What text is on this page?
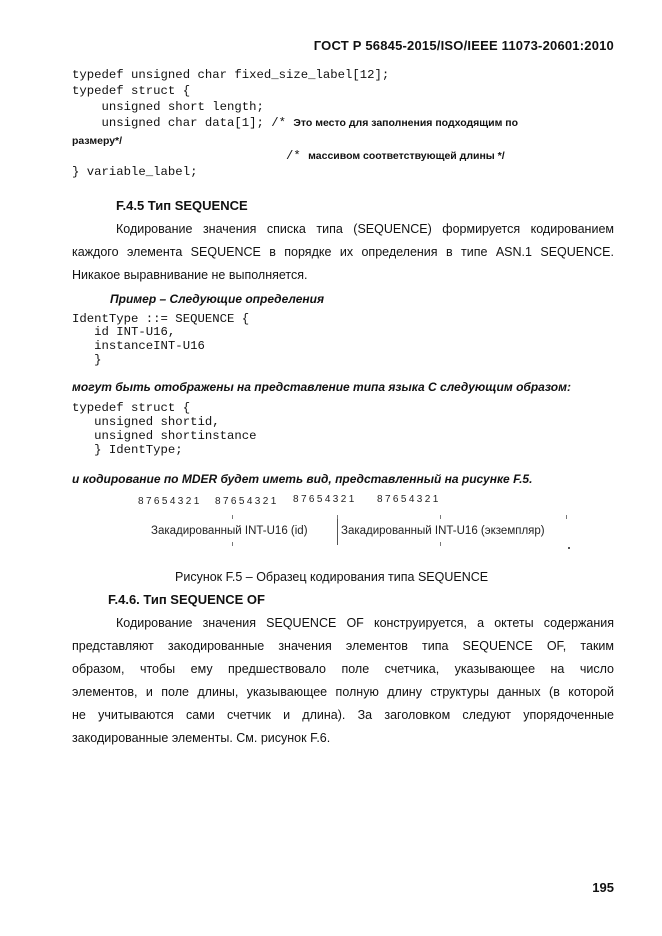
ГОСТ Р 56845-2015/ISO/IEEE 11073-20601:2010
typedef unsigned char fixed_size_label[12];
typedef struct {
unsigned short length;
unsigned char data[1]; /* Это место для заполнения подходящим по
размеру*/
/* массивом соответствующей длины */
} variable_label;
F.4.5 Тип SEQUENCE
Кодирование значения списка типа (SEQUENCE) формируется кодированием
каждого элемента SEQUENCE в порядке их определения в типе ASN.1 SEQUENCE.
Никакое выравнивание не выполняется.
Пример – Следующие определения
IdentType ::= SEQUENCE {
id INT-U16,
instanceINT-U16
}
могут быть отображены на представление типа языка С следующим образом:
typedef struct {
unsigned shortid,
unsigned shortinstance
} IdentType;
и кодирование по MDER будет иметь вид, представленный на рисунке F.5.
87654321 87654321 87654321 87654321
Закадированный INT-U16 (id)	Закадированный INT-U16 (экземпляр)
Рисунок F.5 – Образец кодирования типа SEQUENCE
F.4.6. Тип SEQUENCE OF
Кодирование значения SEQUENCE OF конструируется, а октеты содержания
представляют закодированные значения элементов типа SEQUENCE OF, таким
образом, чтобы ему предшествовало поле счетчика, указывающее на число
элементов, и поле длины, указывающее полную длину структуры данных (в которой
не учитываются сами счетчик и длина). За заголовком следуют упорядоченные
закодированные элементы. См. рисунок F.6.
195
